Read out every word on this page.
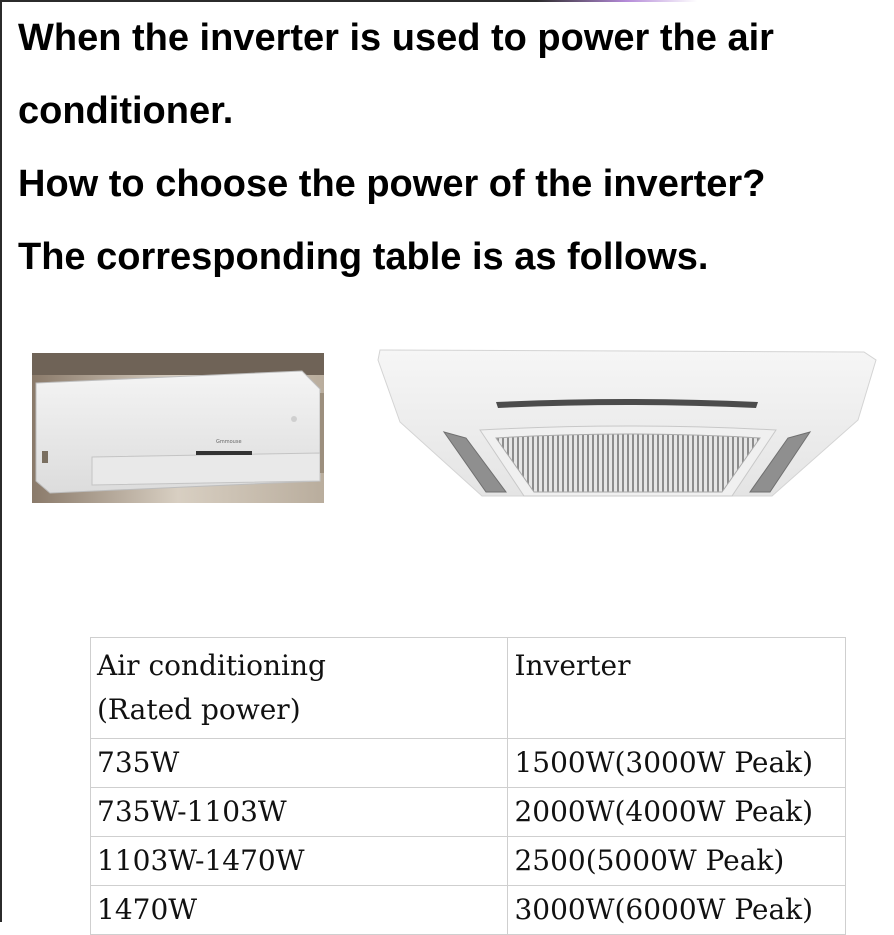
When the inverter is used to power the air

conditioner.

How to choose the power of the inverter?

The corresponding table is as follows.

Gmmouse
Air conditioning
(Rated power)	Inverter
735W	1500W(3000W Peak)
735W-1103W	2000W(4000W Peak)
1103W-1470W	2500(5000W Peak)
1470W	3000W(6000W Peak)
